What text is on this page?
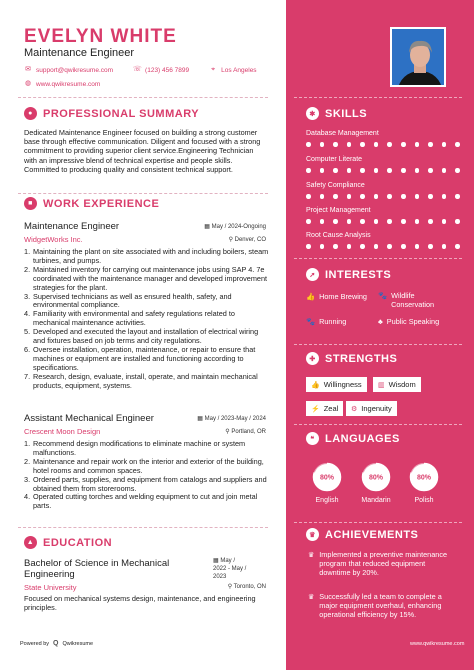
EVELYN WHITE
Maintenance Engineer
✉ support@qwikresume.com	☏ (123) 456 7899	⌖ Los Angeles
◍ www.qwikresume.com
● PROFESSIONAL SUMMARY
Dedicated Maintenance Engineer focused on building a strong customer base through effective communication. Diligent and focused with a strong commitment to providing superior client service.Engineering Technician with an impressive blend of technical expertise and people skills. Committed to producing quality and consistent technical support.
■ WORK EXPERIENCE
Maintenance Engineer	▦ May / 2024-Ongoing
WidgetWorks Inc.	⚲ Denver, CO
Maintaining the plant on site associated with and including boilers, steam turbines, and pumps.
Maintained inventory for carrying out maintenance jobs using SAP 4. 7e coordinated with the maintenance manager and developed improvement strategies for the plant.
Supervised technicians as well as ensured health, safety, and environmental compliance.
Familiarity with environmental and safety regulations related to mechanical maintenance activities.
Developed and executed the layout and installation of electrical wiring and fixtures based on job terms and city regulations.
Oversee installation, operation, maintenance, or repair to ensure that machines or equipment are installed and functioning according to specifications.
Research, design, evaluate, install, operate, and maintain mechanical products, equipment, systems.
Assistant Mechanical Engineer	▦ May / 2023-May / 2024
Crescent Moon Design	⚲ Portland, OR
Recommend design modifications to eliminate machine or system malfunctions.
Maintenance and repair work on the interior and exterior of the building, hotel rooms and common spaces.
Ordered parts, supplies, and equipment from catalogs and suppliers and obtained them from storerooms.
Operated cutting torches and welding equipment to cut and join metal parts.
▲ EDUCATION
Bachelor of Science in Mechanical Engineering
▦ May /
2022 - May /
2023
State University	⚲ Toronto, ON
Focused on mechanical systems design, maintenance, and engineering principles.
Powered by Q Qwikresume
✱ SKILLS
Database Management
Computer Literate
Safety Compliance
Project Management
Root Cause Analysis
➚ INTERESTS
👍 Home Brewing 🐾 Wildlife Conservation
🐾 Running	♣ Public Speaking
✚ STRENGTHS
👍 Willingness ▥ Wisdom
⚡ Zeal ⚙ Ingenuity
❝ LANGUAGES
80%
English
80%
Mandarin
80%
Polish
♛ ACHIEVEMENTS
♛ Implemented a preventive maintenance program that reduced equipment downtime by 20%.
♛ Successfully led a team to complete a major equipment overhaul, enhancing operational efficiency by 15%.
www.qwikresume.com
